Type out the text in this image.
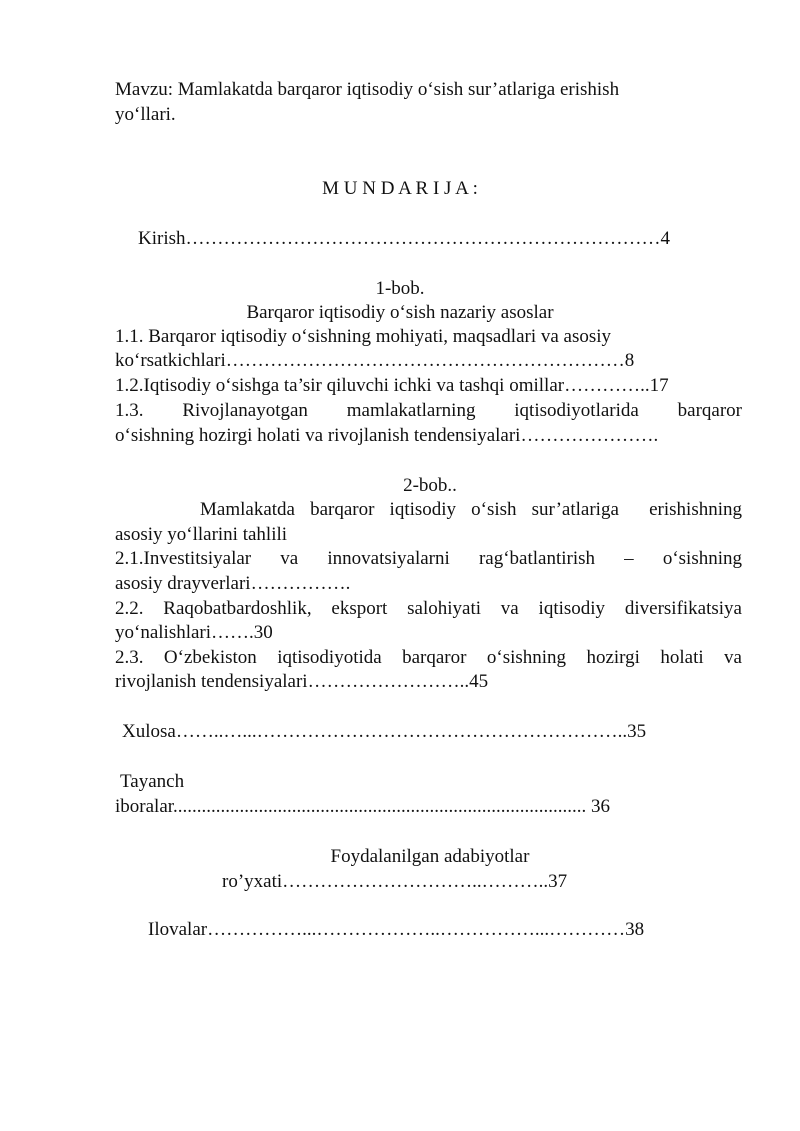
Mavzu: Mamlakatda barqaror iqtisodiy o‘sish sur’atlariga erishish
yo‘llari.
M U N D A R I J A :
Kirish…………………………………………………………………4
1-bob.
Barqaror iqtisodiy o‘sish nazariy asoslar
1.1. Barqaror iqtisodiy o‘sishning mohiyati, maqsadlari va asosiy
ko‘rsatkichlari………………………………………………………8
1.2.Iqtisodiy o‘sishga ta’sir qiluvchi ichki va tashqi omillar…………..17
1.3. Rivojlanayotgan mamlakatlarning iqtisodiyotlarida barqaror
o‘sishning hozirgi holati va rivojlanish tendensiyalari………………….
2-bob..
Mamlakatda barqaror iqtisodiy o‘sish sur’atlariga  erishishning
asosiy yo‘llarini tahlili
2.1.Investitsiyalar va innovatsiyalarni rag‘batlantirish – o‘sishning
asosiy drayverlari…………….
2.2. Raqobatbardoshlik, eksport salohiyati va iqtisodiy diversifikatsiya
yo‘nalishlari…….30
2.3. O‘zbekiston iqtisodiyotida barqaror o‘sishning hozirgi holati va
rivojlanish tendensiyalari……………………..45
Xulosa……..…...…………………………………………………..35
Tayanch
iboralar....................................................................................... 36
Foydalanilgan adabiyotlar
ro’yxati…………………………..………..37
Ilovalar……………...………………..……………...…………38
